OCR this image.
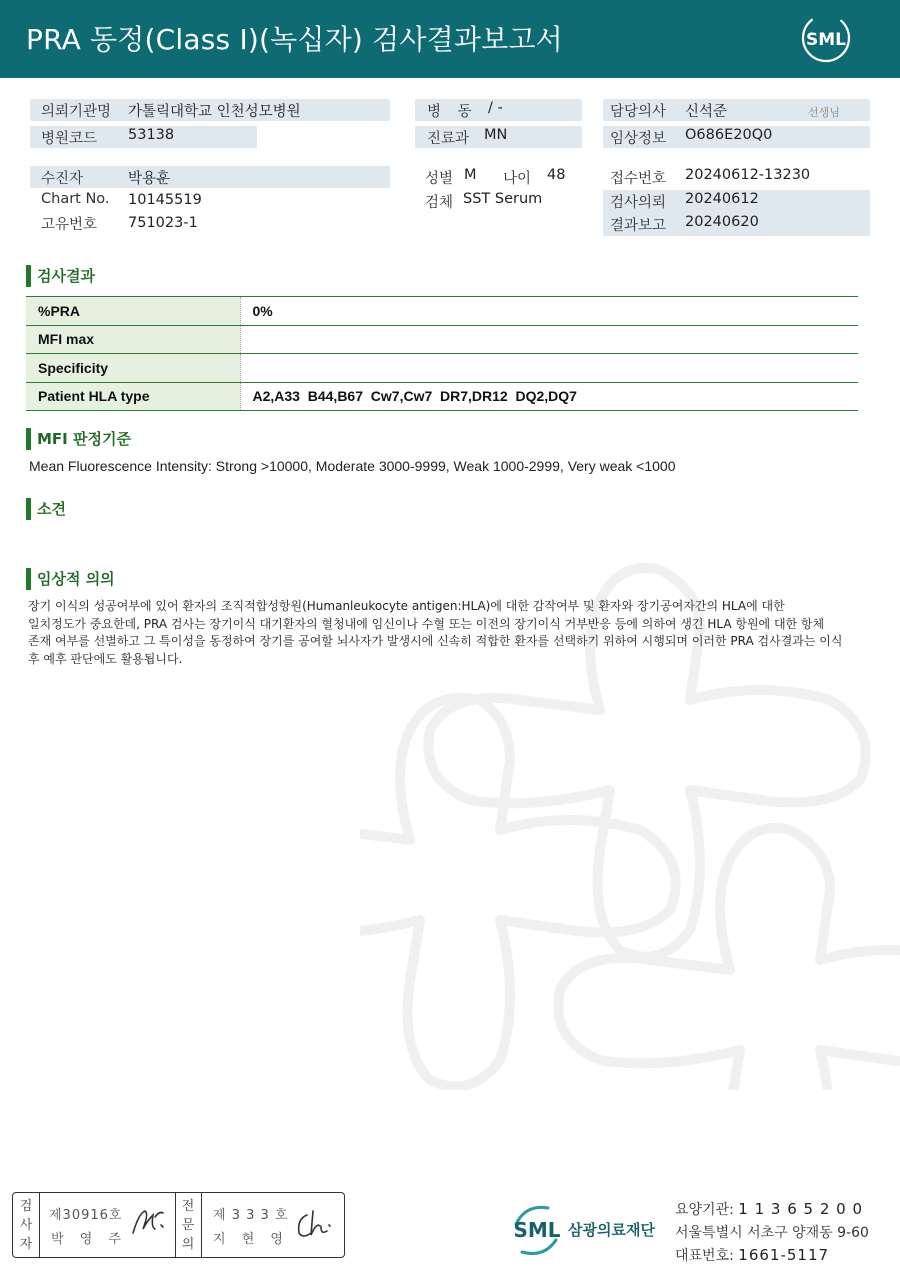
PRA 동정(Class I)(녹십자) 검사결과보고서	SML
의뢰기관명 가톨릭대학교 인천성모병원
병원코드 53138
수진자	박용훈
Chart No. 10145519
고유번호 751023-1
병 동 / -
진료과 MN
성별 M 나이 48
검체 SST Serum
담당의사 신석준	선생님
임상정보 O686E20Q0
접수번호 20240612-13230
검사의뢰 20240612
결과보고 20240620
검사결과
%PRA	0%
MFI max	
Specificity	
Patient HLA type	A2,A33  B44,B67  Cw7,Cw7  DR7,DR12  DQ2,DQ7
MFI 판정기준
Mean Fluorescence Intensity: Strong >10000, Moderate 3000-9999, Weak 1000-2999, Very weak <1000
소견
임상적 의의
장기 이식의 성공여부에 있어 환자의 조직적합성항원(Humanleukocyte antigen:HLA)에 대한 감작여부 및 환자와 장기공여자간의 HLA에 대한
일치정도가 중요한데, PRA 검사는 장기이식 대기환자의 혈청내에 임신이나 수혈 또는 이전의 장기이식 거부반응 등에 의하여 생긴 HLA 항원에 대한 항체
존재 여부를 선별하고 그 특이성을 동정하여 장기를 공여할 뇌사자가 발생시에 신속히 적합한 환자를 선택하기 위하여 시행되며 이러한 PRA 검사결과는 이식
후 예후 판단에도 활용됩니다.
검
사
자
제30916호
박 영 주
전
문
의
제 3 3 3 호
지 현 영	SML 삼광의료재단
요양기관: 1 1 3 6 5 2 0 0
서울특별시 서초구 양재동 9-60
대표번호: 1661-5117
